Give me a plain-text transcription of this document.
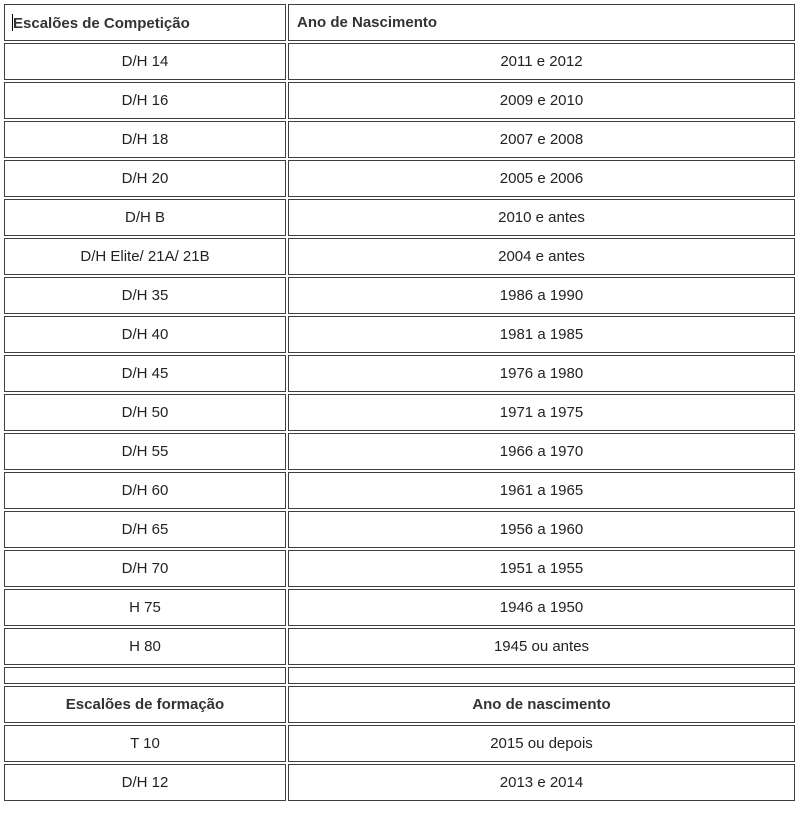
Escalões de Competição	Ano de Nascimento
D/H 14	2011 e 2012
D/H 16	2009 e 2010
D/H 18	2007 e 2008
D/H 20	2005 e 2006
D/H B	2010 e antes
D/H Elite/ 21A/ 21B	2004 e antes
D/H 35	1986 a 1990
D/H 40	1981 a 1985
D/H 45	1976 a 1980
D/H 50	1971 a 1975
D/H 55	1966 a 1970
D/H 60	1961 a 1965
D/H 65	1956 a 1960
D/H 70	1951 a 1955
H 75	1946 a 1950
H 80	1945 ou antes

Escalões de formação	Ano de nascimento
T 10	2015 ou depois
D/H 12	2013 e 2014
